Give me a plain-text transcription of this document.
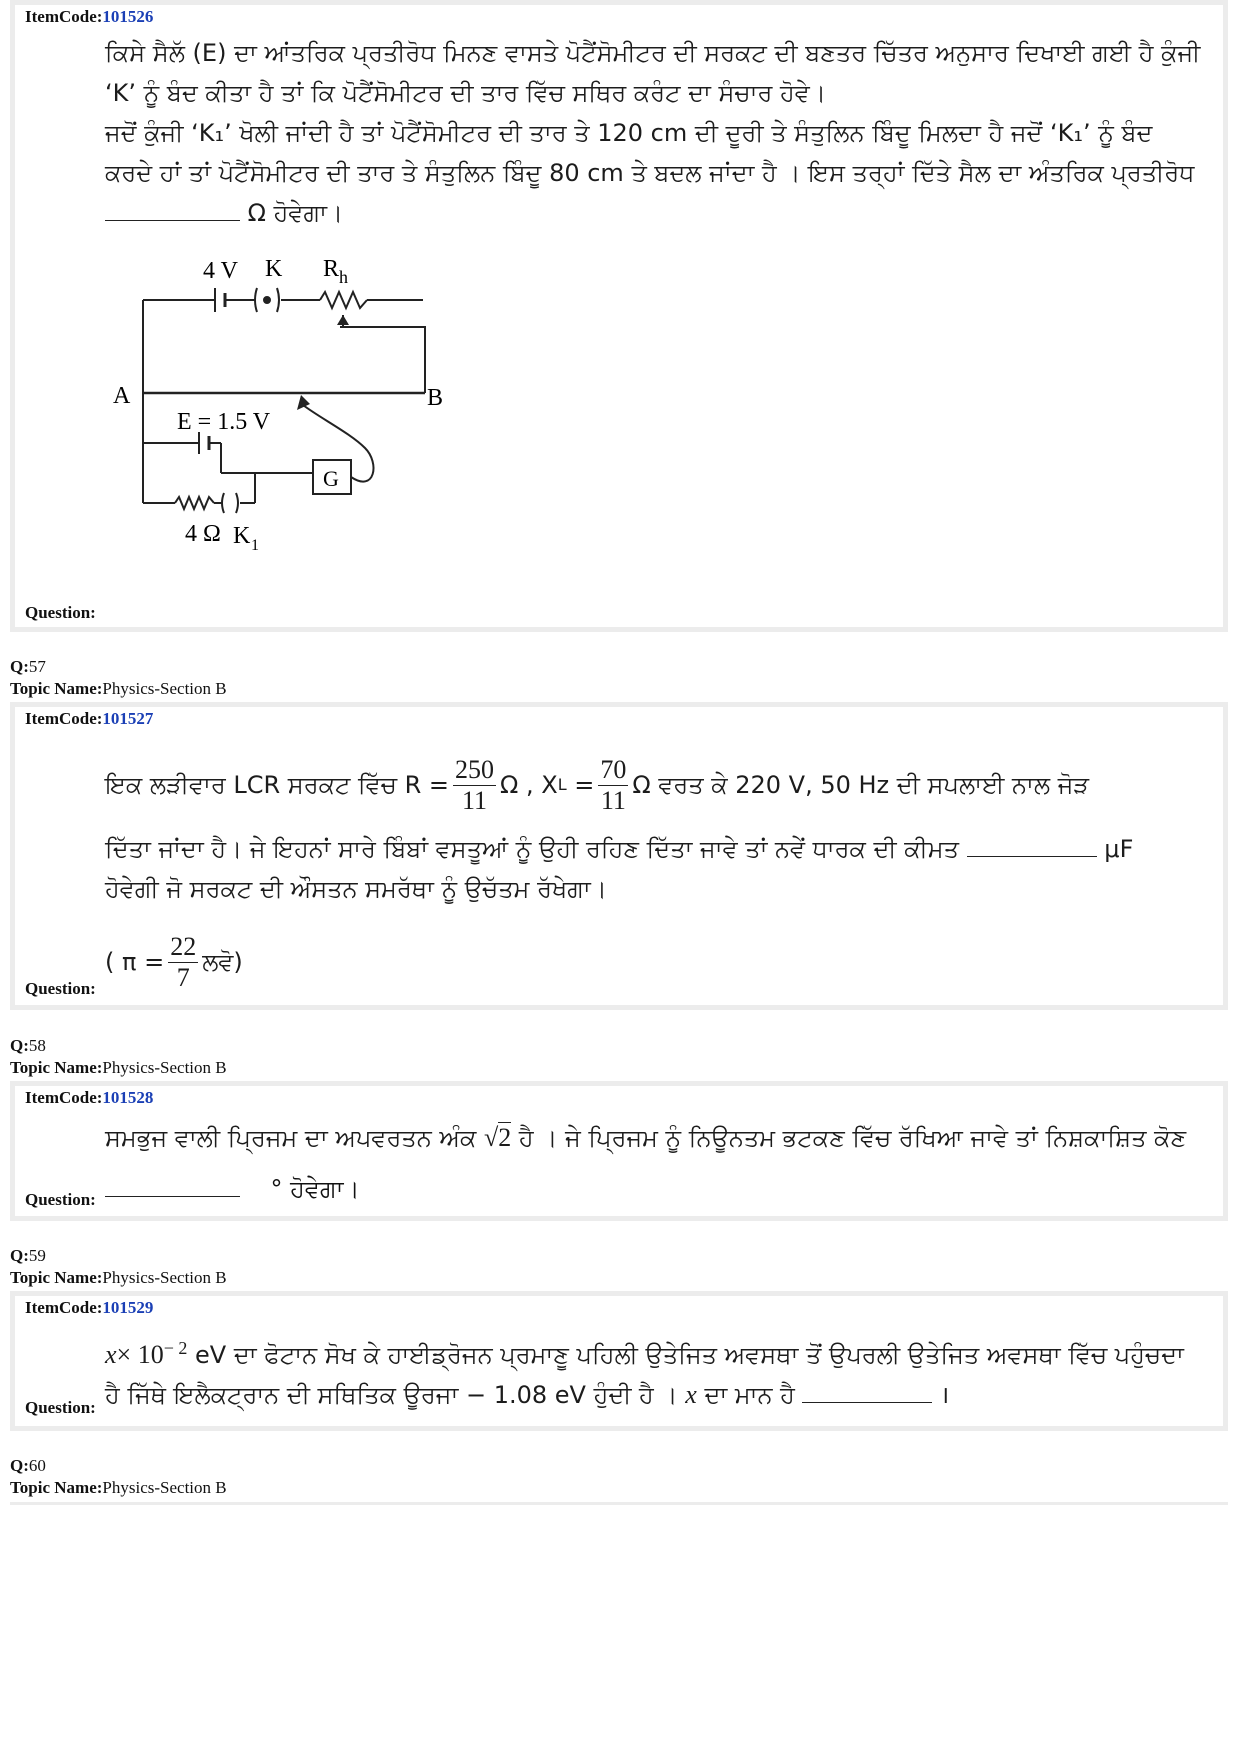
ItemCode:101526
ਕਿਸੇ ਸੈਲੱ (E) ਦਾ ਆਂਤਰਿਕ ਪ੍ਰਤੀਰੋਧ ਮਿਨਣ ਵਾਸਤੇ ਪੋਟੈਂਸੋਮੀਟਰ ਦੀ ਸਰਕਟ ਦੀ ਬਣਤਰ ਚਿੱਤਰ ਅਨੁਸਾਰ ਦਿਖਾਈ ਗਈ ਹੈ ਕੁੰਜੀ
‘K’ ਨੂੰ ਬੰਦ ਕੀਤਾ ਹੈ ਤਾਂ ਕਿ ਪੋਟੈਂਸੋਮੀਟਰ ਦੀ ਤਾਰ ਵਿੱਚ ਸਥਿਰ ਕਰੰਟ ਦਾ ਸੰਚਾਰ ਹੋਵੇ।
ਜਦੋਂ ਕੁੰਜੀ ‘K₁’ ਖੋਲੀ ਜਾਂਦੀ ਹੈ ਤਾਂ ਪੋਟੈਂਸੋਮੀਟਰ ਦੀ ਤਾਰ ਤੇ 120 cm ਦੀ ਦੂਰੀ ਤੇ ਸੰਤੁਲਿਨ ਬਿੰਦੂ ਮਿਲਦਾ ਹੈ ਜਦੋਂ ‘K₁’ ਨੂੰ ਬੰਦ
ਕਰਦੇ ਹਾਂ ਤਾਂ ਪੋਟੈਂਸੋਮੀਟਰ ਦੀ ਤਾਰ ਤੇ ਸੰਤੁਲਿਨ ਬਿੰਦੂ 80 cm ਤੇ ਬਦਲ ਜਾਂਦਾ ਹੈ । ਇਸ ਤਰ੍ਹਾਂ ਦਿੱਤੇ ਸੈਲ ਦਾ ਅੰਤਰਿਕ ਪ੍ਰਤੀਰੋਧ
Ω ਹੋਵੇਗਾ।
4 V K R h
A	B
E = 1.5 V
G
4 Ω K 1
Question:
Q:57
Topic Name:Physics-Section B
ItemCode:101527
ਇਕ ਲੜੀਵਾਰ LCR ਸਰਕਟ ਵਿੱਚ $R = \frac{250}{11}$ Ω , X L
= $\frac{70}{11}$ Ω ਵਰਤ ਕੇ 220 V, 50 Hz ਦੀ ਸਪਲਾਈ ਨਾਲ ਜੋੜ
ਦਿੱਤਾ ਜਾਂਦਾ ਹੈ। ਜੇ ਇਹਨਾਂ ਸਾਰੇ ਬਿੰਬਾਂ ਵਸਤੂਆਂ ਨੂੰ ਉਹੀ ਰਹਿਣ ਦਿੱਤਾ ਜਾਵੇ ਤਾਂ ਨਵੇਂ ਧਾਰਕ ਦੀ ਕੀਮਤ	μF
ਹੋਵੇਗੀ ਜੋ ਸਰਕਟ ਦੀ ਔਸਤਨ ਸਮਰੱਥਾ ਨੂੰ ਉਚੱਤਮ ਰੱਖੇਗਾ।
( $\pi = \frac{22}{7}$ ਲਵੋ)
Question:
Q:58
Topic Name:Physics-Section B
ItemCode:101528
ਸਮਭੁਜ ਵਾਲੀ ਪ੍ਰਿਜਮ ਦਾ ਅਪਵਰਤਨ ਅੰਕ √2 ਹੈ । ਜੇ ਪ੍ਰਿਜਮ ਨੂੰ ਨਿਊਨਤਮ ਭਟਕਣ ਵਿੱਚ ਰੱਖਿਆ ਜਾਵੇ ਤਾਂ ਨਿਸ਼ਕਾਸ਼ਿਤ ਕੋਣ
Question:	° ਹੋਵੇਗਾ।
Q:59
Topic Name:Physics-Section B
ItemCode:101529
$x\times 10^{- 2}$ eV ਦਾ ਫੋਟਾਨ ਸੋਖ ਕੇ ਹਾਈਡ੍ਰੋਜਨ ਪ੍ਰਮਾਣੂ ਪਹਿਲੀ ਉਤੇਜਿਤ ਅਵਸਥਾ ਤੋਂ ਉਪਰਲੀ ਉਤੇਜਿਤ ਅਵਸਥਾ ਵਿੱਚ ਪਹੁੰਚਦਾ
ਹੈ ਜਿੱਥੇ ਇਲੈਕਟ੍ਰਾਨ ਦੀ ਸਥਿਤਿਕ ਊਰਜਾ − 1.08 eV ਹੁੰਦੀ ਹੈ । x ਦਾ ਮਾਨ ਹੈ	।
Question:
Q:60
Topic Name:Physics-Section B
